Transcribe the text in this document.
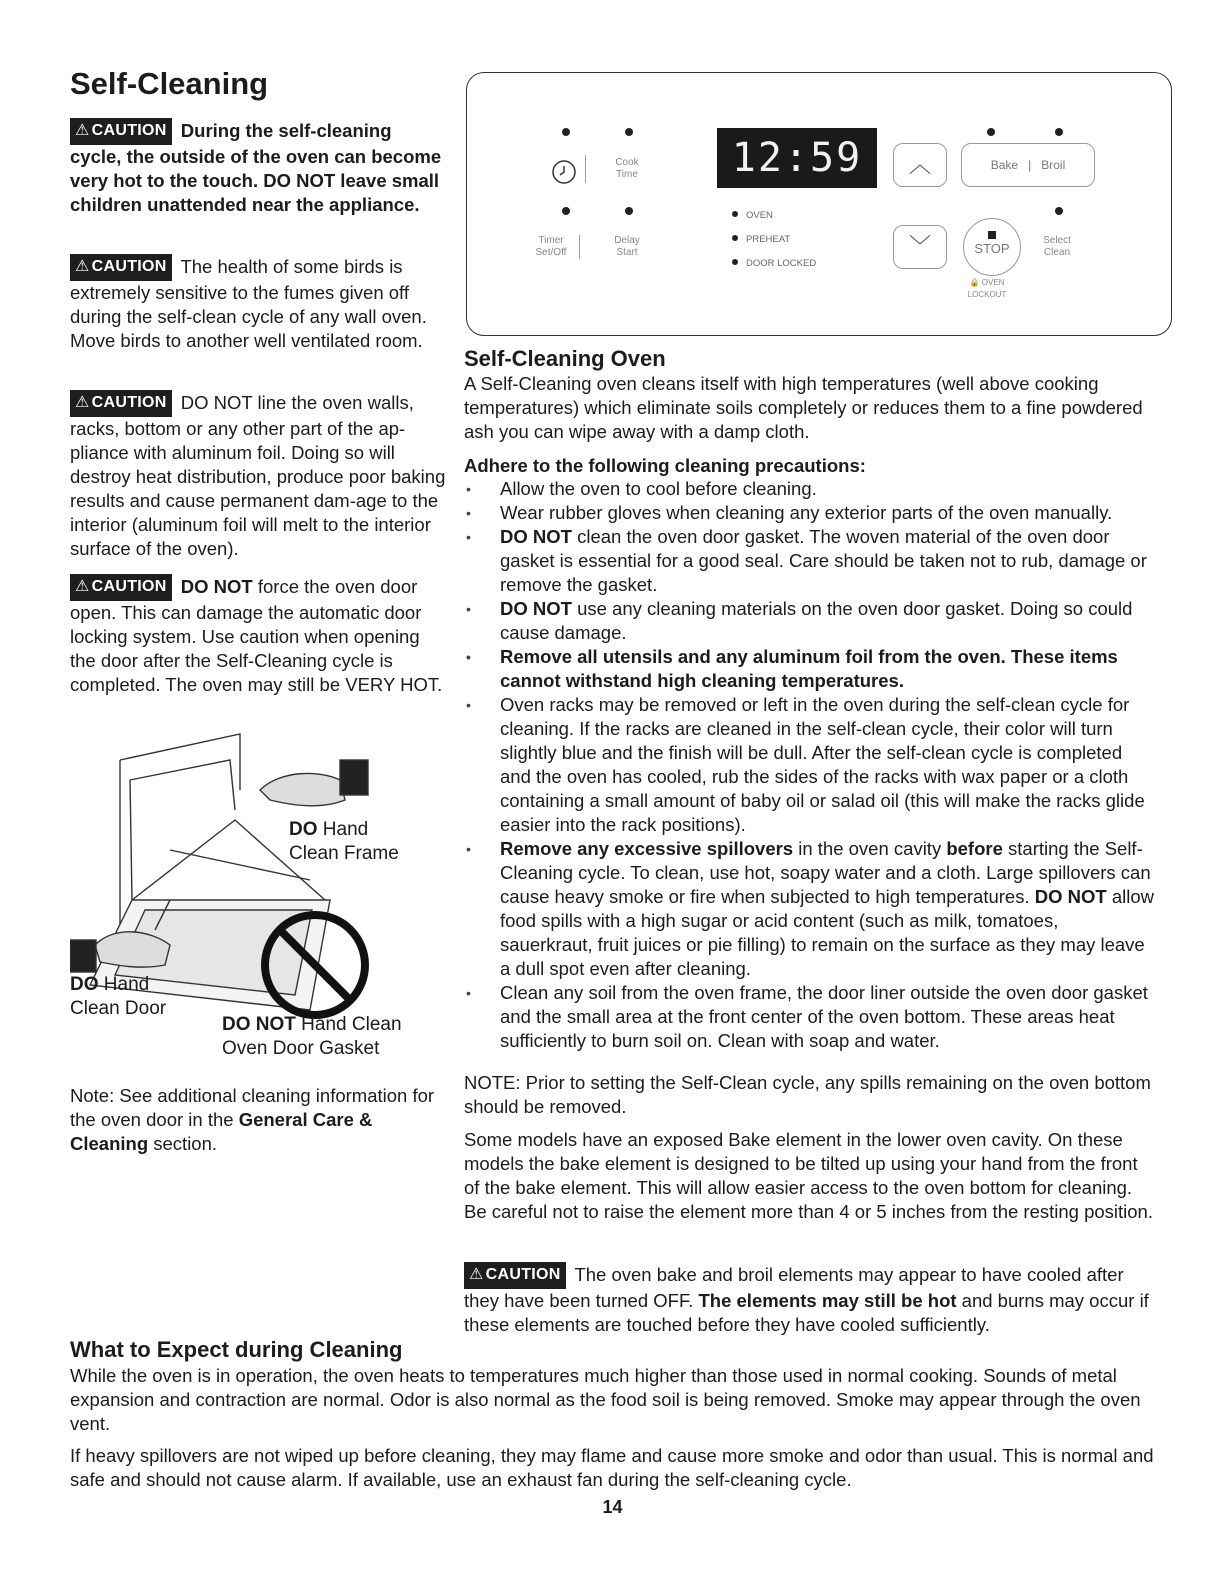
Self-Cleaning

⚠ CAUTION During the self-cleaning cycle, the outside of the oven can become very hot to the touch. DO NOT leave small children unattended near the appliance.

⚠ CAUTION The health of some birds is extremely sensitive to the fumes given off during the self-clean cycle of any wall oven. Move birds to another well ventilated room.

⚠ CAUTION DO NOT line the oven walls, racks, bottom or any other part of the ap-pliance with aluminum foil. Doing so will destroy heat distribution, produce poor baking results and cause permanent dam-age to the interior (aluminum foil will melt to the interior surface of the oven).

⚠ CAUTION DO NOT force the oven door open. This can damage the automatic door locking system. Use caution when opening the door after the Self-Cleaning cycle is completed. The oven may still be VERY HOT.

DO Hand
Clean Frame
DO Hand
Clean Door
DO NOT Hand Clean
Oven Door Gasket

Note: See additional cleaning information for the oven door in the General Care & Cleaning section.

Cook Time	12:59	︿	Bake   |   Broil
Timer Set/Off
Delay Start
OVEN
PREHEAT
DOOR LOCKED
﹀	STOP
Select Clean
🔒 OVEN LOCKOUT
Self-Cleaning Oven

A Self-Cleaning oven cleans itself with high temperatures (well above cooking temperatures) which eliminate soils completely or reduces them to a fine powdered ash you can wipe away with a damp cloth.

Adhere to the following cleaning precautions:

• Allow the oven to cool before cleaning.
• Wear rubber gloves when cleaning any exterior parts of the oven manually.
• DO NOT clean the oven door gasket. The woven material of the oven door gasket is essential for a good seal. Care should be taken not to rub, damage or remove the gasket.
• DO NOT use any cleaning materials on the oven door gasket. Doing so could cause damage.
• Remove all utensils and any aluminum foil from the oven. These items cannot withstand high cleaning temperatures.
• Oven racks may be removed or left in the oven during the self-clean cycle for cleaning. If the racks are cleaned in the self-clean cycle, their color will turn slightly blue and the finish will be dull. After the self-clean cycle is completed and the oven has cooled, rub the sides of the racks with wax paper or a cloth containing a small amount of baby oil or salad oil (this will make the racks glide easier into the rack positions).
• Remove any excessive spillovers in the oven cavity before starting the Self-Cleaning cycle. To clean, use hot, soapy water and a cloth. Large spillovers can cause heavy smoke or fire when subjected to high temperatures. DO NOT allow food spills with a high sugar or acid content (such as milk, tomatoes, sauerkraut, fruit juices or pie filling) to remain on the surface as they may leave a dull spot even after cleaning.
• Clean any soil from the oven frame, the door liner outside the oven door gasket and the small area at the front center of the oven bottom. These areas heat sufficiently to burn soil on. Clean with soap and water.

NOTE: Prior to setting the Self-Clean cycle, any spills remaining on the oven bottom should be removed.

Some models have an exposed Bake element in the lower oven cavity. On these models the bake element is designed to be tilted up using your hand from the front of the bake element. This will allow easier access to the oven bottom for cleaning. Be careful not to raise the element more than 4 or 5 inches from the resting position.

⚠ CAUTION The oven bake and broil elements may appear to have cooled after they have been turned OFF. The elements may still be hot and burns may occur if these elements are touched before they have cooled sufficiently.

What to Expect during Cleaning

While the oven is in operation, the oven heats to temperatures much higher than those used in normal cooking. Sounds of metal expansion and contraction are normal. Odor is also normal as the food soil is being removed. Smoke may appear through the oven vent.

If heavy spillovers are not wiped up before cleaning, they may flame and cause more smoke and odor than usual. This is normal and safe and should not cause alarm. If available, use an exhaust fan during the self-cleaning cycle.

14
